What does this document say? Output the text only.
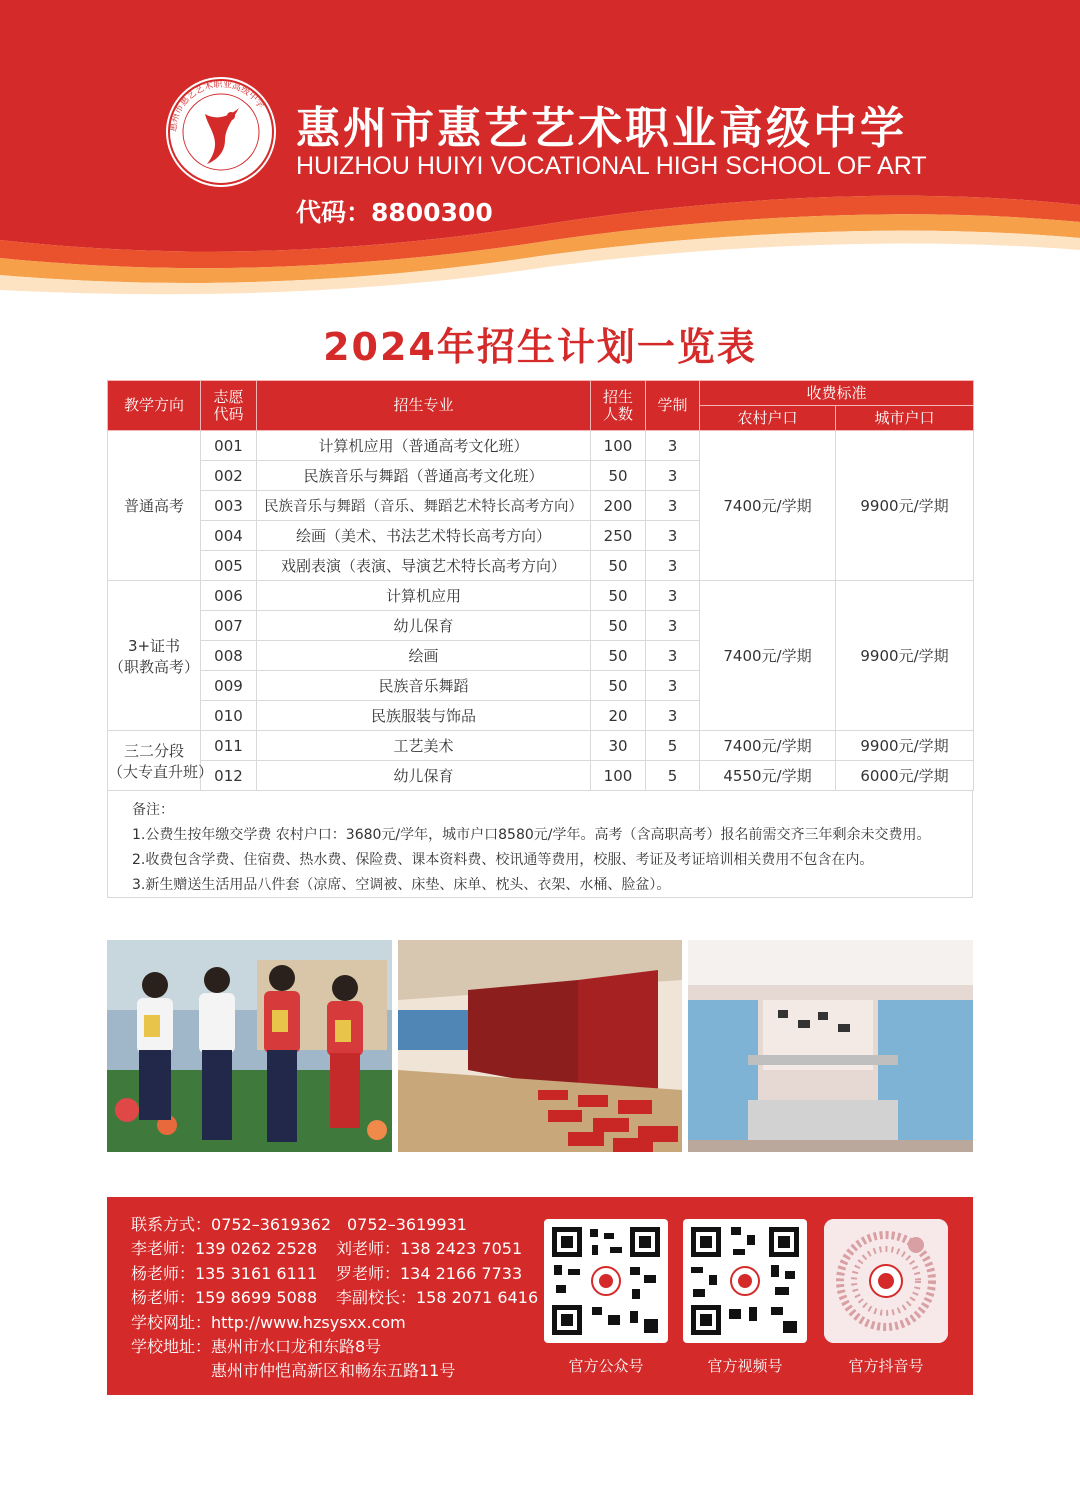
惠州市惠艺艺术职业高级中学 惠州市惠艺艺术职业高级中学
HUIZHOU HUIYI VOCATIONAL HIGH SCHOOL OF ART
代码：8800300
2024年招生计划一览表
教学方向	志愿代码	招生专业	招生人数	学制	收费标准	
					农村户口	城市户口
普通高考	001	计算机应用（普通高考文化班）	100	3	7400元/学期	9900元/学期
	002	民族音乐与舞蹈（普通高考文化班）	50	3		
	003	民族音乐与舞蹈（音乐、舞蹈艺术特长高考方向）	200	3		
	004	绘画（美术、书法艺术特长高考方向）	250	3		
	005	戏剧表演（表演、导演艺术特长高考方向）	50	3		

3+证书
（职教高考）	006	计算机应用	50	3	7400元/学期	9900元/学期
	007	幼儿保育	50	3		
	008	绘画	50	3		
	009	民族音乐舞蹈	50	3		
	010	民族服装与饰品	20	3		

三二分段
（大专直升班）	011	工艺美术	30	5	7400元/学期	9900元/学期
	012	幼儿保育	100	5	4550元/学期	6000元/学期
备注：
1.公费生按年缴交学费 农村户口：3680元/学年，城市户口8580元/学年。高考（含高职高考）报名前需交齐三年剩余未交费用。
2.收费包含学费、住宿费、热水费、保险费、课本资料费、校讯通等费用，校服、考证及考证培训相关费用不包含在内。
3.新生赠送生活用品八件套（凉席、空调被、床垫、床单、枕头、衣架、水桶、脸盆）。
联系方式：0752–3619362　0752–3619931
李老师：139 0262 2528 刘老师：138 2423 7051
杨老师：135 3161 6111 罗老师：134 2166 7733
杨老师：159 8699 5088 李副校长：158 2071 6416
学校网址：http://www.hzsysxx.com
学校地址：惠州市水口龙和东路8号
惠州市仲恺高新区和畅东五路11号	官方公众号	官方视频号	官方抖音号
